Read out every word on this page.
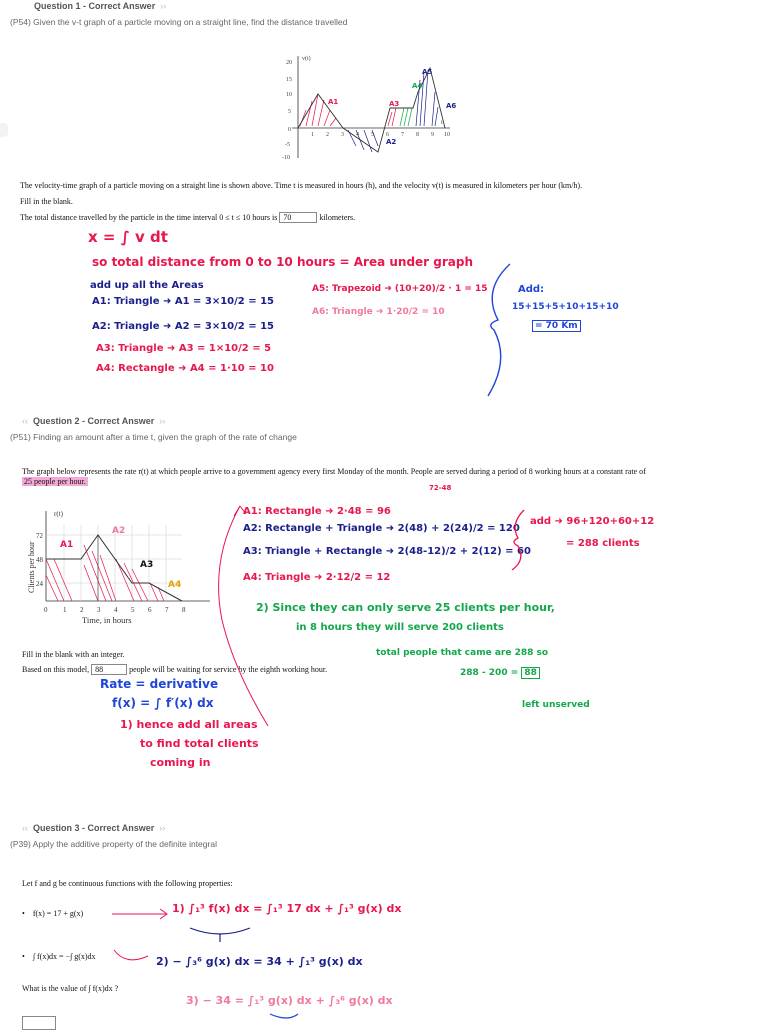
Question 1 - Correct Answer  ››
(P54) Given the v-t graph of a particle moving on a straight line, find the distance travelled
20
15
10
5
0
-5
-10
v(t)
t
1 2 3 4 5 6 7 8 9 10
A1
A2
A3
A4
A5
A6
The velocity-time graph of a particle moving on a straight line is shown above. Time t is measured in hours (h), and the velocity v(t) is measured in kilometers per hour (km/h).
Fill in the blank.
The total distance travelled by the particle in the time interval 0 ≤ t ≤ 10 hours is 70	kilometers.
x = ∫ v dt
so total distance from 0 to 10 hours = Area under graph
add up all the Areas
A1: Triangle ➜ A1 = 3×10/2 = 15
A2: Triangle ➜ A2 = 3×10/2 = 15
A3: Triangle ➜ A3 = 1×10/2 = 5
A4: Rectangle ➜ A4 = 1·10 = 10
A5: Trapezoid ➜ (10+20)/2 · 1 = 15
A6: Triangle ➜ 1·20/2 = 10
Add:
15+15+5+10+15+10
= 70 Km
‹‹  Question 2 - Correct Answer  ››
(P51) Finding an amount after a time t, given the graph of the rate of change
The graph below represents the rate r(t) at which people arrive to a government agency every first Monday of the month. People are served during a period of 8 working hours at a constant rate of
25 people per hour.
Clients per hour
r(t)
72
48
24
0 1 2 3 4 5 6 7 8
Time, in hours
A1
A2
A3
A4
Fill in the blank with an integer.
Based on this model, 88	people will be waiting for service by the eighth working hour.
A1: Rectangle ➜ 2·48 = 96
A2: Rectangle + Triangle ➜ 2(48) + 2(24)/2 = 120
A3: Triangle + Rectangle ➜ 2(48-12)/2 + 2(12) = 60
A4: Triangle ➜ 2·12/2 = 12
72-48
add ➜ 96+120+60+12
= 288 clients
2) Since they can only serve 25 clients per hour,
in 8 hours they will serve 200 clients
total people that came are 288 so
288 - 200 = 88
left unserved
Rate = derivative
f(x) = ∫ f′(x) dx
1) hence add all areas
to find total clients
coming in
‹‹  Question 3 - Correct Answer  ››
(P39) Apply the additive property of the definite integral
Let f and g be continuous functions with the following properties:
• f(x) = 17 + g(x)
• ∫ f(x)dx = −∫ g(x)dx
What is the value of ∫ f(x)dx ?
1) ∫₁³ f(x) dx = ∫₁³ 17 dx + ∫₁³ g(x) dx
2) − ∫₃⁶ g(x) dx = 34 + ∫₁³ g(x) dx
3) − 34 = ∫₁³ g(x) dx + ∫₃⁶ g(x) dx
